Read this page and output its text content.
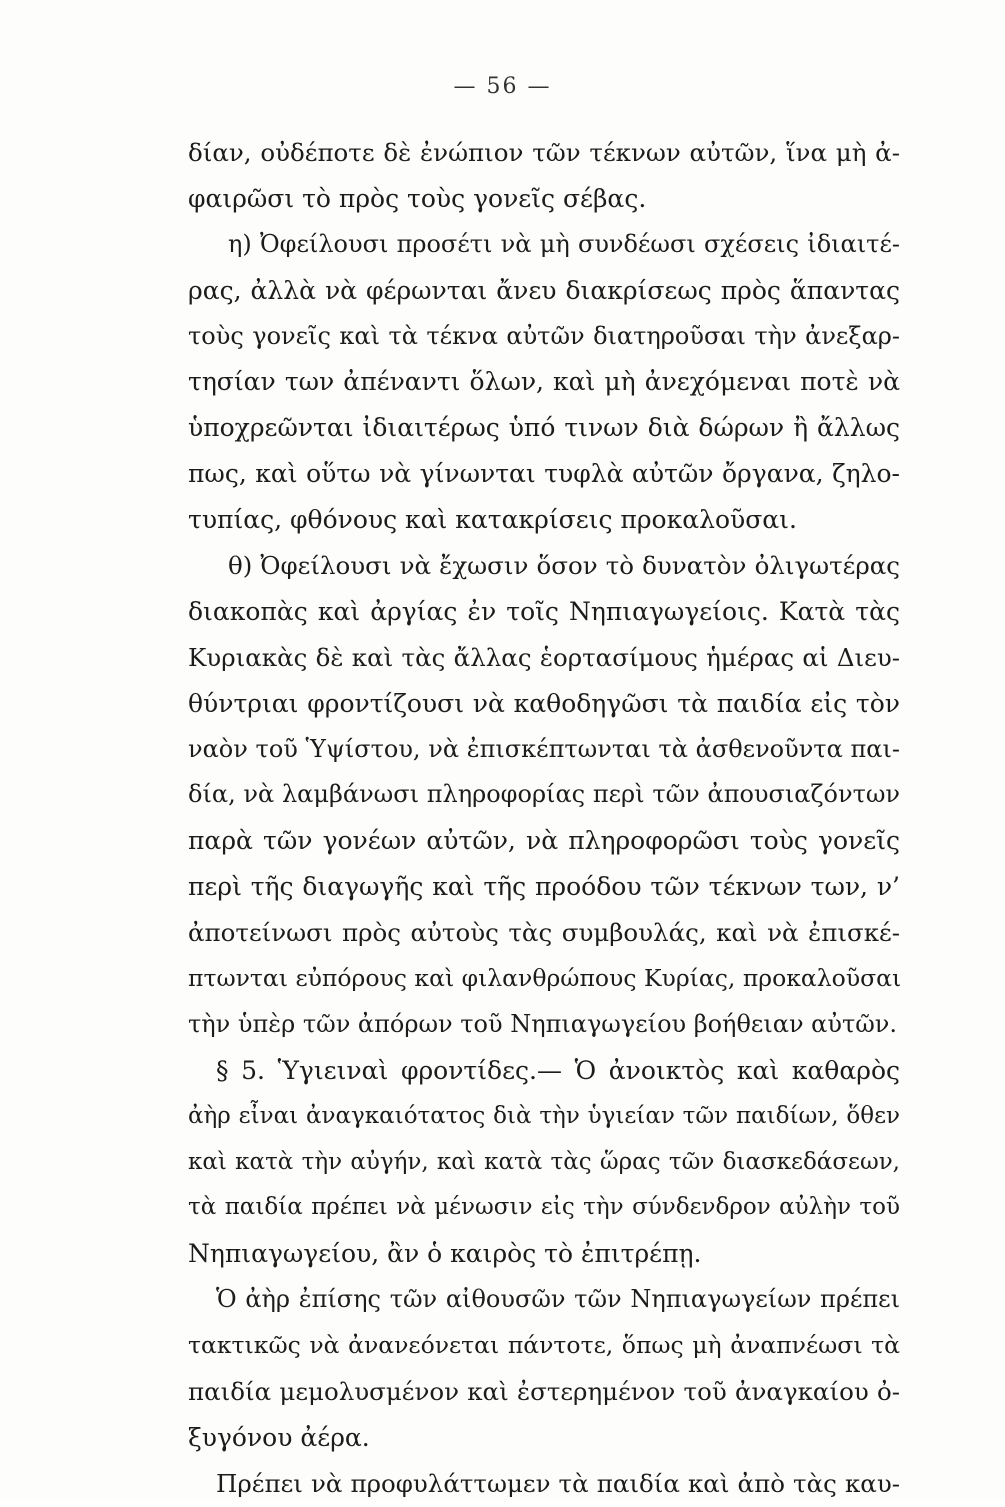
— 56 —
δίαν, οὐδέποτε δὲ ἐνώπιον τῶν τέκνων αὐτῶν, ἵνα μὴ ἀ-
φαιρῶσι τὸ πρὸς τοὺς γονεῖς σέβας.
η) Ὀφείλουσι προσέτι νὰ μὴ συνδέωσι σχέσεις ἰδιαιτέ-
ρας, ἀλλὰ νὰ φέρωνται ἄνευ διακρίσεως πρὸς ἅπαντας
τοὺς γονεῖς καὶ τὰ τέκνα αὐτῶν διατηροῦσαι τὴν ἀνεξαρ-
τησίαν των ἀπέναντι ὅλων, καὶ μὴ ἀνεχόμεναι ποτὲ νὰ
ὑποχρεῶνται ἰδιαιτέρως ὑπό τινων διὰ δώρων ἢ ἄλλως
πως, καὶ οὕτω νὰ γίνωνται τυφλὰ αὐτῶν ὄργανα, ζηλο-
τυπίας, φθόνους καὶ κατακρίσεις προκαλοῦσαι.
θ) Ὀφείλουσι νὰ ἔχωσιν ὅσον τὸ δυνατὸν ὀλιγωτέρας
διακοπὰς καὶ ἀργίας ἐν τοῖς Νηπιαγωγείοις. Κατὰ τὰς
Κυριακὰς δὲ καὶ τὰς ἄλλας ἑορτασίμους ἡμέρας αἱ Διευ-
θύντριαι φροντίζουσι νὰ καθοδηγῶσι τὰ παιδία εἰς τὸν
ναὸν τοῦ Ὑψίστου, νὰ ἐπισκέπτωνται τὰ ἀσθενοῦντα παι-
δία, νὰ λαμβάνωσι πληροφορίας περὶ τῶν ἀπουσιαζόντων
παρὰ τῶν γονέων αὐτῶν, νὰ πληροφορῶσι τοὺς γονεῖς
περὶ τῆς διαγωγῆς καὶ τῆς προόδου τῶν τέκνων των, ν’
ἀποτείνωσι πρὸς αὐτοὺς τὰς συμβουλάς, καὶ νὰ ἐπισκέ-
πτωνται εὐπόρους καὶ φιλανθρώπους Κυρίας, προκαλοῦσαι
τὴν ὑπὲρ τῶν ἀπόρων τοῦ Νηπιαγωγείου βοήθειαν αὐτῶν.
§ 5. Ὑγιειναὶ φροντίδες.— Ὁ ἀνοικτὸς καὶ καθαρὸς
ἀὴρ εἶναι ἀναγκαιότατος διὰ τὴν ὑγιείαν τῶν παιδίων, ὅθεν
καὶ κατὰ τὴν αὐγήν, καὶ κατὰ τὰς ὥρας τῶν διασκεδάσεων,
τὰ παιδία πρέπει νὰ μένωσιν εἰς τὴν σύνδενδρον αὐλὴν τοῦ
Νηπιαγωγείου, ἂν ὁ καιρὸς τὸ ἐπιτρέπῃ.
Ὁ ἀὴρ ἐπίσης τῶν αἰθουσῶν τῶν Νηπιαγωγείων πρέπει
τακτικῶς νὰ ἀνανεόνεται πάντοτε, ὅπως μὴ ἀναπνέωσι τὰ
παιδία μεμολυσμένον καὶ ἐστερημένον τοῦ ἀναγκαίου ὀ-
ξυγόνου ἀέρα.
Πρέπει νὰ προφυλάττωμεν τὰ παιδία καὶ ἀπὸ τὰς καυ-
